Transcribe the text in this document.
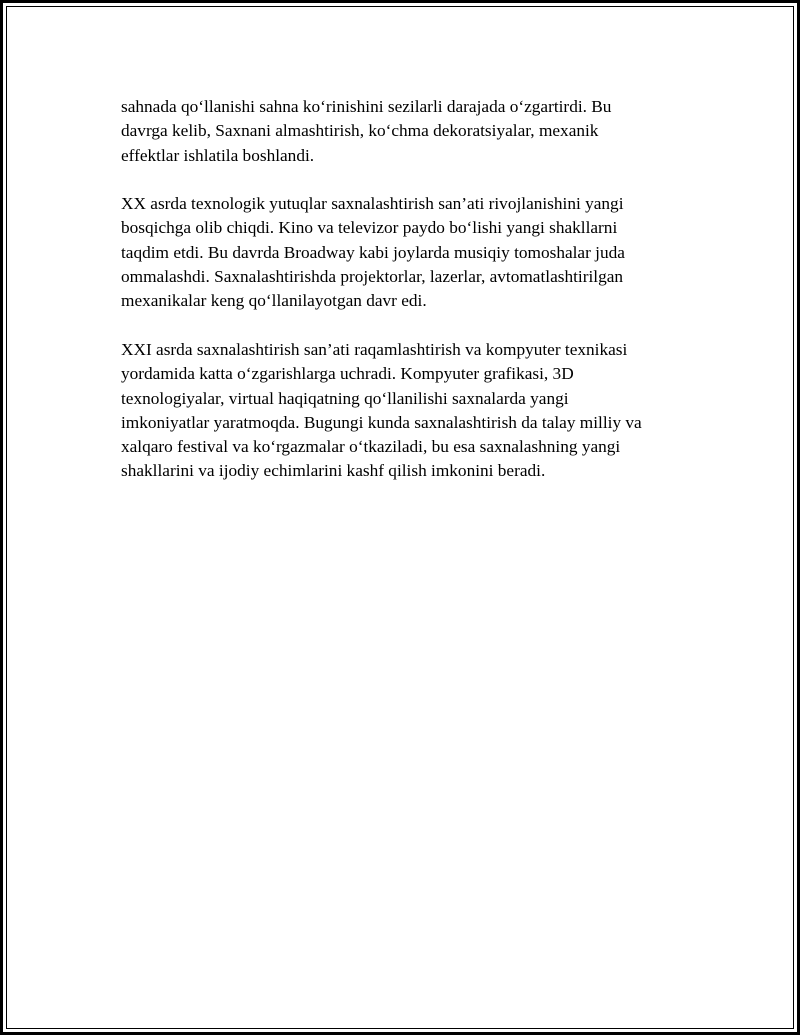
sahnada qo‘llanishi sahna ko‘rinishini sezilarli darajada o‘zgartirdi. Bu
davrga kelib, Saxnani almashtirish, ko‘chma dekoratsiyalar, mexanik
effektlar ishlatila boshlandi.

XX asrda texnologik yutuqlar saxnalashtirish san’ati rivojlanishini yangi
bosqichga olib chiqdi. Kino va televizor paydo bo‘lishi yangi shakllarni
taqdim etdi. Bu davrda Broadway kabi joylarda musiqiy tomoshalar juda
ommalashdi. Saxnalashtirishda projektorlar, lazerlar, avtomatlashtirilgan
mexanikalar keng qo‘llanilayotgan davr edi.

XXI asrda saxnalashtirish san’ati raqamlashtirish va kompyuter texnikasi
yordamida katta o‘zgarishlarga uchradi. Kompyuter grafikasi, 3D
texnologiyalar, virtual haqiqatning qo‘llanilishi saxnalarda yangi
imkoniyatlar yaratmoqda. Bugungi kunda saxnalashtirish da talay milliy va
xalqaro festival va ko‘rgazmalar o‘tkaziladi, bu esa saxnalashning yangi
shakllarini va ijodiy echimlarini kashf qilish imkonini beradi.
